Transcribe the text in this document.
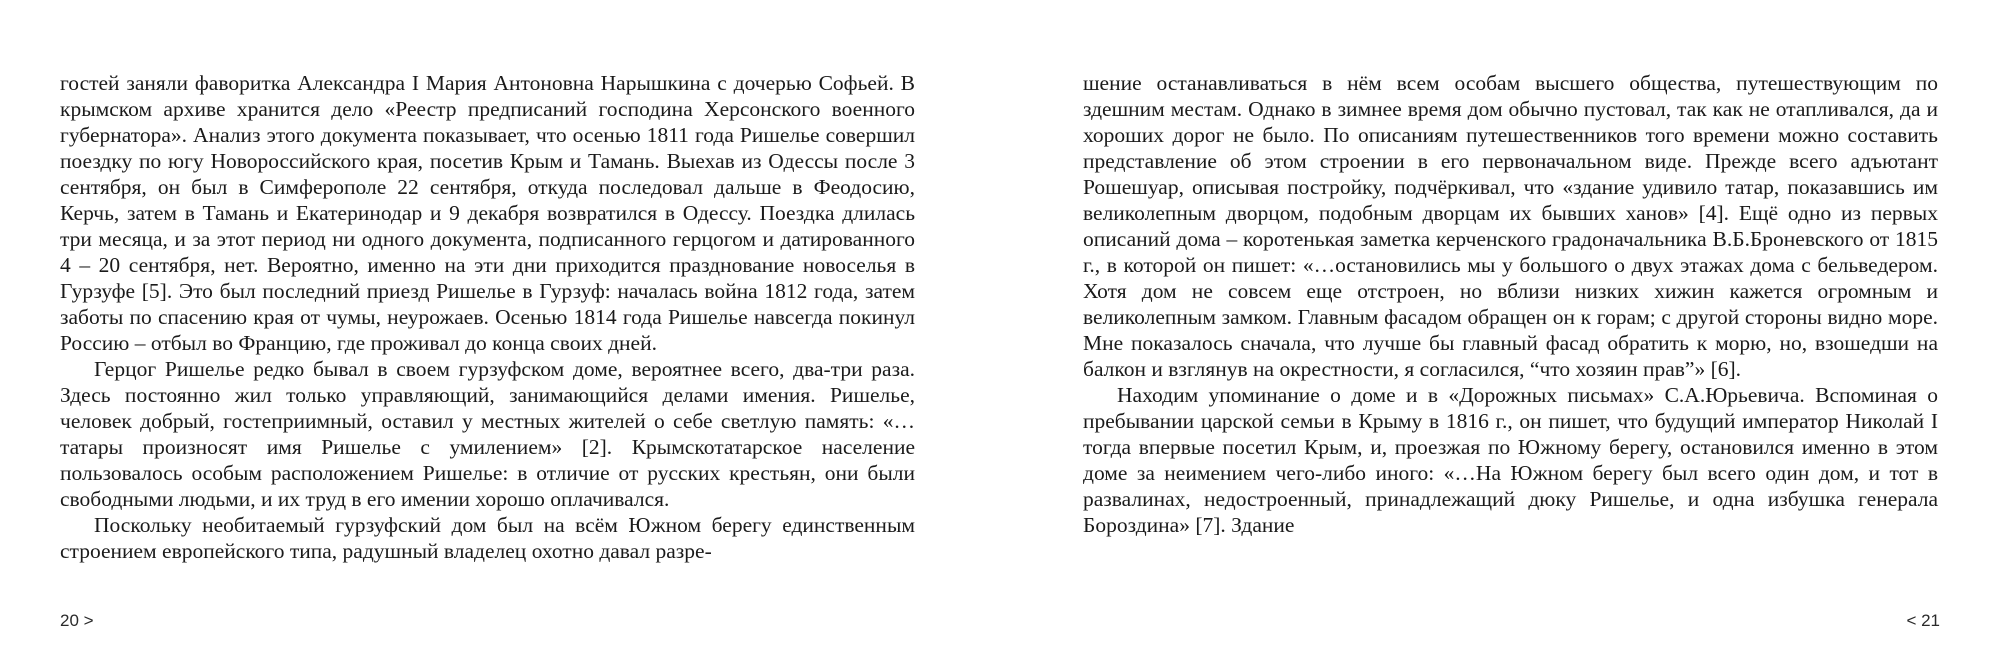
гостей заняли фаворитка Александра I Мария Антоновна Нарышкина с дочерью Софьей. В крымском архиве хранится дело «Реестр предписаний господина Херсонского военного губернатора». Анализ этого документа показывает, что осенью 1811 года Ришелье совершил поездку по югу Новороссийского края, посетив Крым и Тамань. Выехав из Одессы после 3 сентября, он был в Симферополе 22 сентября, откуда последовал дальше в Феодосию, Керчь, затем в Тамань и Екатеринодар и 9 декабря возвратился в Одессу. Поездка длилась три месяца, и за этот период ни одного документа, подписанного герцогом и датированного 4 – 20 сентября, нет. Вероятно, именно на эти дни приходится празднование новоселья в Гурзуфе [5]. Это был последний приезд Ришелье в Гурзуф: началась война 1812 года, затем заботы по спасению края от чумы, неурожаев. Осенью 1814 года Ришелье навсегда покинул Россию – отбыл во Францию, где проживал до конца своих дней.

Герцог Ришелье редко бывал в своем гурзуфском доме, вероятнее всего, два-три раза. Здесь постоянно жил только управляющий, занимающийся делами имения. Ришелье, человек добрый, гостеприимный, оставил у местных жителей о себе светлую память: «…татары произносят имя Ришелье с умилением» [2]. Крымскотатарское население пользовалось особым расположением Ришелье: в отличие от русских крестьян, они были свободными людьми, и их труд в его имении хорошо оплачивался.

Поскольку необитаемый гурзуфский дом был на всём Южном берегу единственным строением европейского типа, радушный владелец охотно давал разре-

шение останавливаться в нём всем особам высшего общества, путешествующим по здешним местам. Однако в зимнее время дом обычно пустовал, так как не отапливался, да и хороших дорог не было. По описаниям путешественников того времени можно составить представление об этом строении в его первоначальном виде. Прежде всего адъютант Рошешуар, описывая постройку, подчёркивал, что «здание удивило татар, показавшись им великолепным дворцом, подобным дворцам их бывших ханов» [4]. Ещё одно из первых описаний дома – коротенькая заметка керченского градоначальника В.Б.Броневского от 1815 г., в которой он пишет: «…остановились мы у большого о двух этажах дома с бельведером. Хотя дом не совсем еще отстроен, но вблизи низких хижин кажется огромным и великолепным замком. Главным фасадом обращен он к горам; с другой стороны видно море. Мне показалось сначала, что лучше бы главный фасад обратить к морю, но, взошедши на балкон и взглянув на окрестности, я согласился, “что хозяин прав”» [6].

Находим упоминание о доме и в «Дорожных письмах» С.А.Юрьевича. Вспоминая о пребывании царской семьи в Крыму в 1816 г., он пишет, что будущий император Николай I тогда впервые посетил Крым, и, проезжая по Южному берегу, остановился именно в этом доме за неимением чего-либо иного: «…На Южном берегу был всего один дом, и тот в развалинах, недостроенный, принадлежащий дюку Ришелье, и одна избушка генерала Бороздина» [7]. Здание

20 >	< 21
